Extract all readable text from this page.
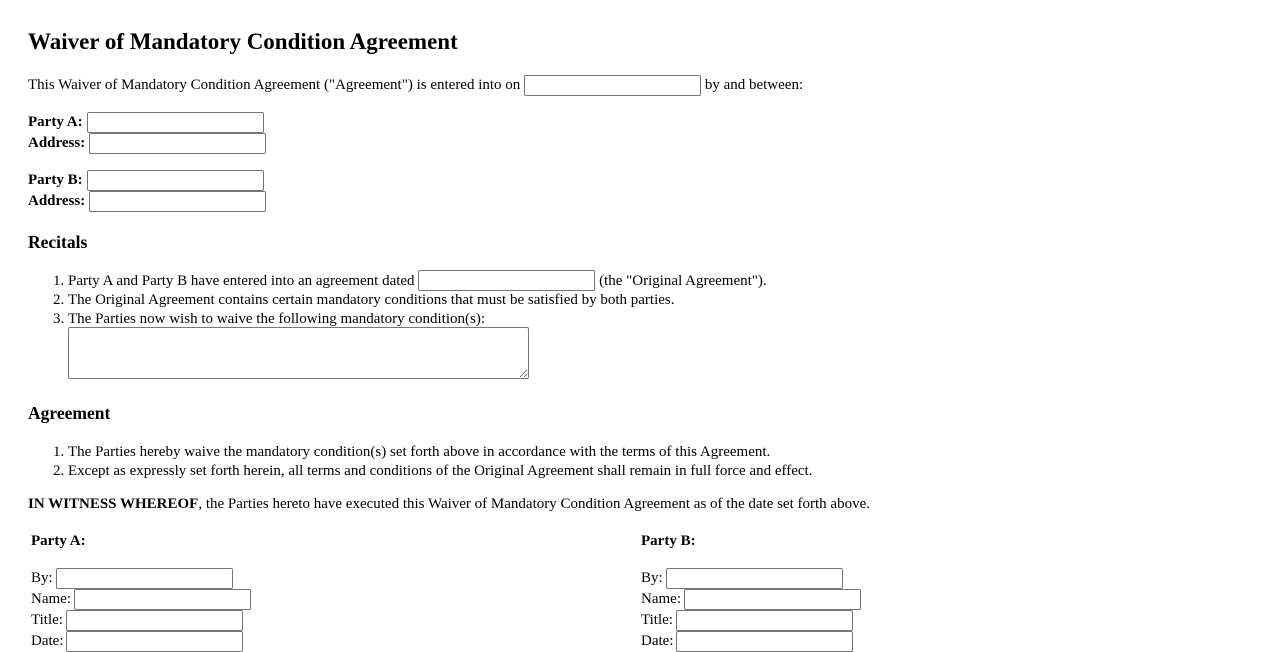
Waiver of Mandatory Condition Agreement
This Waiver of Mandatory Condition Agreement ("Agreement") is entered into on	by and between:
Party A:
Address:
Party B:
Address:
Recitals
1. Party A and Party B have entered into an agreement dated	(the "Original Agreement").
2. The Original Agreement contains certain mandatory conditions that must be satisfied by both parties.
3. The Parties now wish to waive the following mandatory condition(s):
Agreement
1. The Parties hereby waive the mandatory condition(s) set forth above in accordance with the terms of this Agreement.
2. Except as expressly set forth herein, all terms and conditions of the Original Agreement shall remain in full force and effect.
IN WITNESS WHEREOF, the Parties hereto have executed this Waiver of Mandatory Condition Agreement as of the date set forth above.
Party A:
By:
Name:
Title:
Date:
Party B:
By:
Name:
Title:
Date:
